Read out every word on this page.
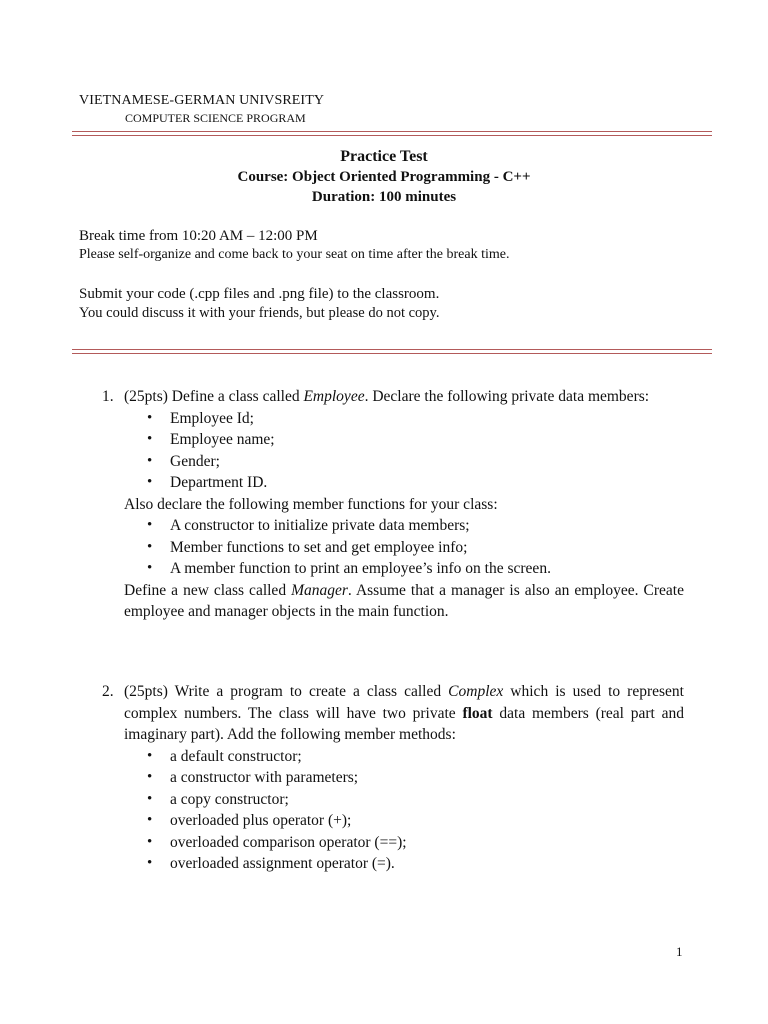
VIETNAMESE-GERMAN UNIVSREITY
COMPUTER SCIENCE PROGRAM
Practice Test
Course: Object Oriented Programming - C++
Duration: 100 minutes
Break time from 10:20 AM – 12:00 PM
Please self-organize and come back to your seat on time after the break time.
Submit your code (.cpp files and .png file) to the classroom.
You could discuss it with your friends, but please do not copy.
1. (25pts) Define a class called Employee. Declare the following private data members:
• Employee Id;
• Employee name;
• Gender;
• Department ID.
Also declare the following member functions for your class:
• A constructor to initialize private data members;
• Member functions to set and get employee info;
• A member function to print an employee’s info on the screen.
Define a new class called Manager. Assume that a manager is also an employee. Create employee and manager objects in the main function.
2. (25pts) Write a program to create a class called Complex which is used to represent complex numbers. The class will have two private float data members (real part and imaginary part). Add the following member methods:
• a default constructor;
• a constructor with parameters;
• a copy constructor;
• overloaded plus operator (+);
• overloaded comparison operator (==);
• overloaded assignment operator (=).
1
